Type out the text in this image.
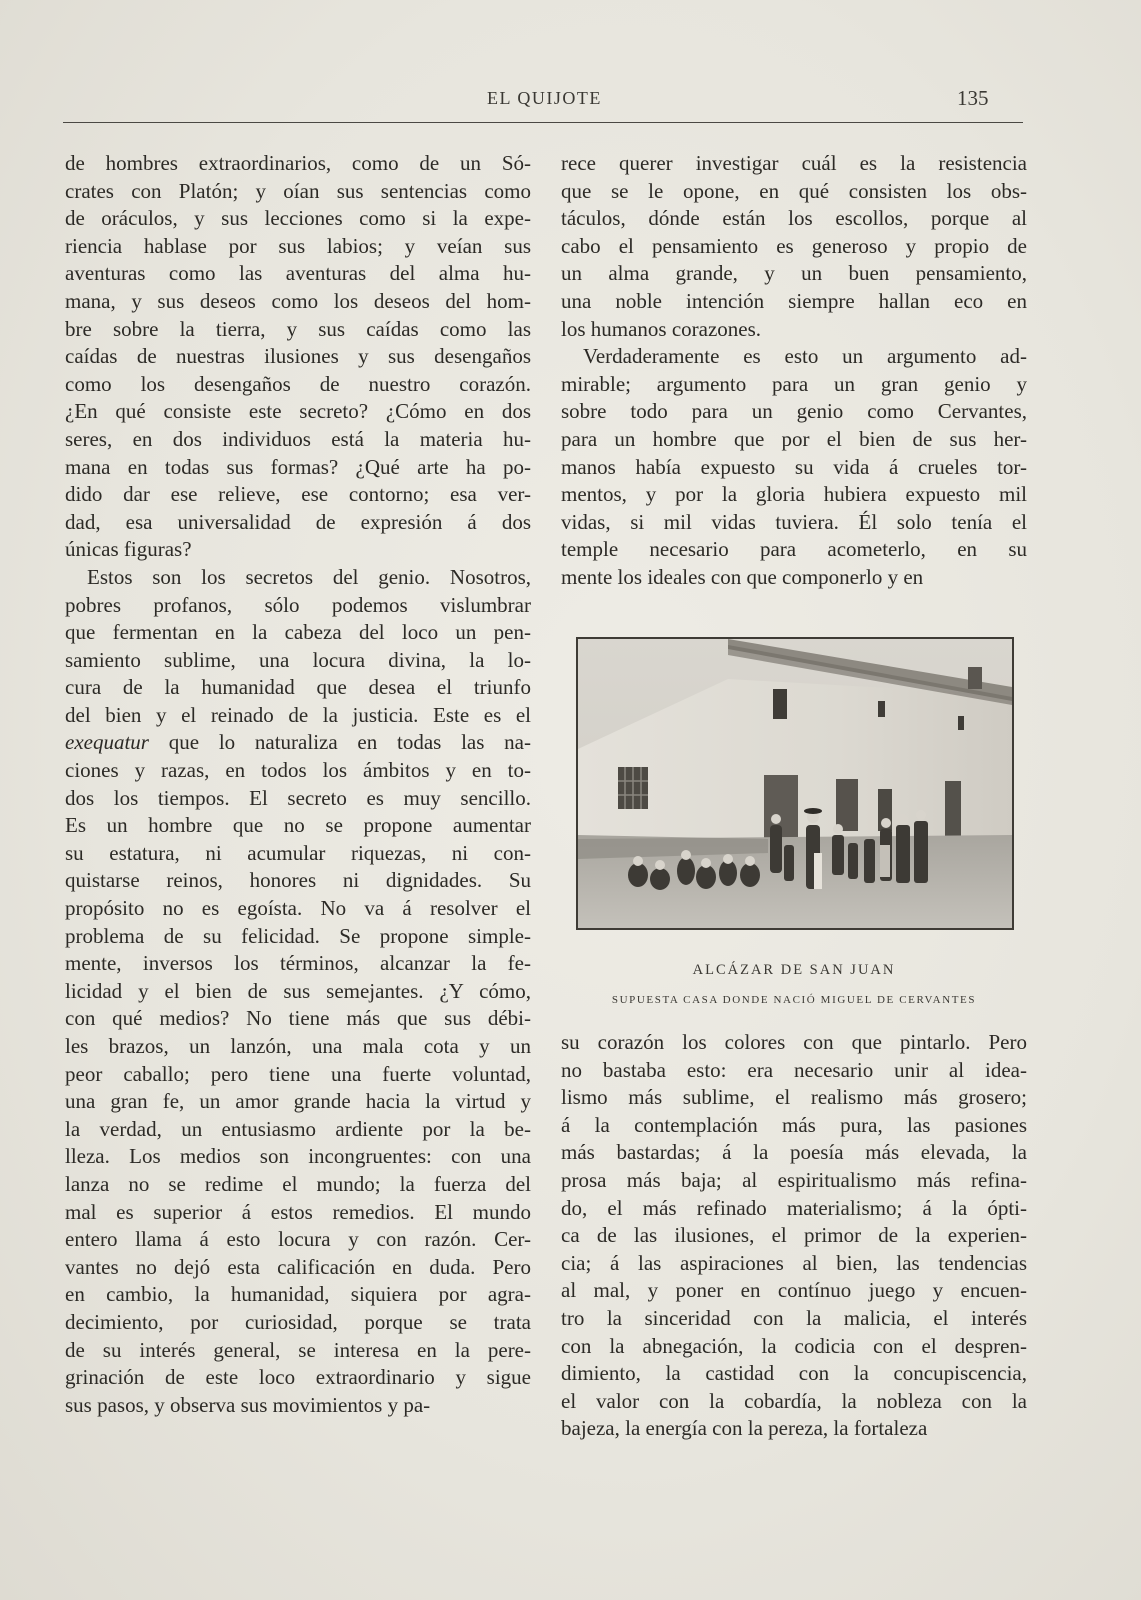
EL QUIJOTE	135

de hombres extraordinarios, como de un Só-

crates con Platón; y oían sus sentencias como

de oráculos, y sus lecciones como si la expe-

riencia hablase por sus labios; y veían sus

aventuras como las aventuras del alma hu-

mana, y sus deseos como los deseos del hom-

bre sobre la tierra, y sus caídas como las

caídas de nuestras ilusiones y sus desengaños

como los desengaños de nuestro corazón.

¿En qué consiste este secreto? ¿Cómo en dos

seres, en dos individuos está la materia hu-

mana en todas sus formas? ¿Qué arte ha po-

dido dar ese relieve, ese contorno; esa ver-

dad, esa universalidad de expresión á dos

únicas figuras?

Estos son los secretos del genio. Nosotros,

pobres profanos, sólo podemos vislumbrar

que fermentan en la cabeza del loco un pen-

samiento sublime, una locura divina, la lo-

cura de la humanidad que desea el triunfo

del bien y el reinado de la justicia. Este es el

exequatur que lo naturaliza en todas las na-

ciones y razas, en todos los ámbitos y en to-

dos los tiempos. El secreto es muy sencillo.

Es un hombre que no se propone aumentar

su estatura, ni acumular riquezas, ni con-

quistarse reinos, honores ni dignidades. Su

propósito no es egoísta. No va á resolver el

problema de su felicidad. Se propone simple-

mente, inversos los términos, alcanzar la fe-

licidad y el bien de sus semejantes. ¿Y cómo,

con qué medios? No tiene más que sus débi-

les brazos, un lanzón, una mala cota y un

peor caballo; pero tiene una fuerte voluntad,

una gran fe, un amor grande hacia la virtud y

la verdad, un entusiasmo ardiente por la be-

lleza. Los medios son incongruentes: con una

lanza no se redime el mundo; la fuerza del

mal es superior á estos remedios. El mundo

entero llama á esto locura y con razón. Cer-

vantes no dejó esta calificación en duda. Pero

en cambio, la humanidad, siquiera por agra-

decimiento, por curiosidad, porque se trata

de su interés general, se interesa en la pere-

grinación de este loco extraordinario y sigue

sus pasos, y observa sus movimientos y pa-

rece querer investigar cuál es la resistencia

que se le opone, en qué consisten los obs-

táculos, dónde están los escollos, porque al

cabo el pensamiento es generoso y propio de

un alma grande, y un buen pensamiento,

una noble intención siempre hallan eco en

los humanos corazones.

Verdaderamente es esto un argumento ad-

mirable; argumento para un gran genio y

sobre todo para un genio como Cervantes,

para un hombre que por el bien de sus her-

manos había expuesto su vida á crueles tor-

mentos, y por la gloria hubiera expuesto mil

vidas, si mil vidas tuviera. Él solo tenía el

temple necesario para acometerlo, en su

mente los ideales con que componerlo y en

ALCÁZAR DE SAN JUAN
SUPUESTA CASA DONDE NACIÓ MIGUEL DE CERVANTES

su corazón los colores con que pintarlo. Pero

no bastaba esto: era necesario unir al idea-

lismo más sublime, el realismo más grosero;

á la contemplación más pura, las pasiones

más bastardas; á la poesía más elevada, la

prosa más baja; al espiritualismo más refina-

do, el más refinado materialismo; á la ópti-

ca de las ilusiones, el primor de la experien-

cia; á las aspiraciones al bien, las tendencias

al mal, y poner en contínuo juego y encuen-

tro la sinceridad con la malicia, el interés

con la abnegación, la codicia con el despren-

dimiento, la castidad con la concupiscencia,

el valor con la cobardía, la nobleza con la

bajeza, la energía con la pereza, la fortaleza
